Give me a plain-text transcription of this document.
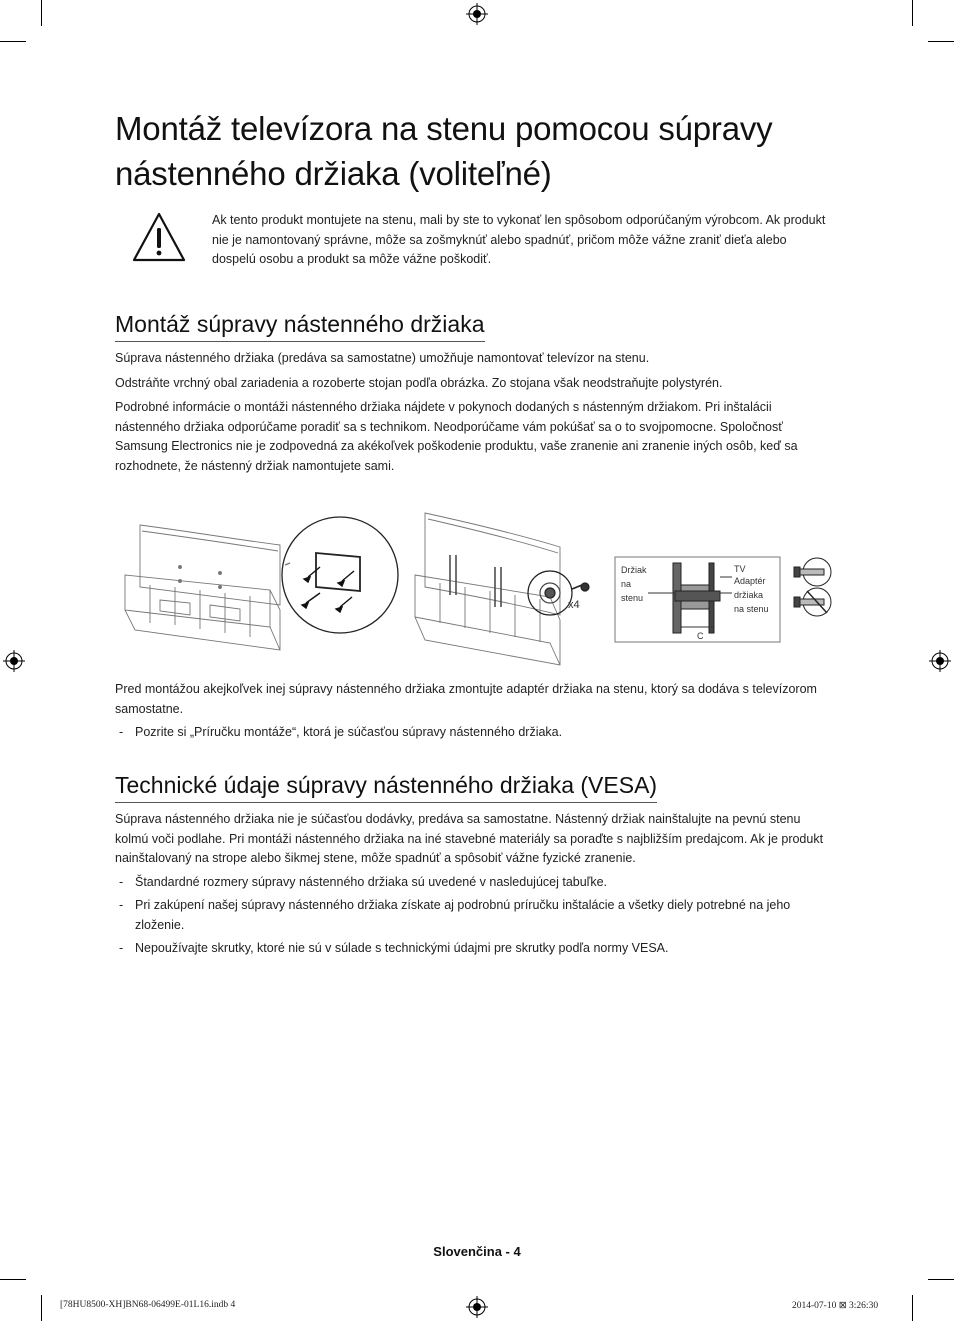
Montáž televízora na stenu pomocou súpravy nástenného držiaka (voliteľné)
Ak tento produkt montujete na stenu, mali by ste to vykonať len spôsobom odporúčaným výrobcom. Ak produkt nie je namontovaný správne, môže sa zošmyknúť alebo spadnúť, pričom môže vážne zraniť dieťa alebo dospelú osobu a produkt sa môže vážne poškodiť.
Montáž súpravy nástenného držiaka

Súprava nástenného držiaka (predáva sa samostatne) umožňuje namontovať televízor na stenu.

Odstráňte vrchný obal zariadenia a rozoberte stojan podľa obrázka. Zo stojana však neodstraňujte polystyrén.

Podrobné informácie o montáži nástenného držiaka nájdete v pokynoch dodaných s nástenným držiakom. Pri inštalácii nástenného držiaka odporúčame poradiť sa s technikom. Neodporúčame vám pokúšať sa o to svojpomocne. Spoločnosť Samsung Electronics nie je zodpovedná za akékoľvek poškodenie produktu, vaše zranenie ani zranenie iných osôb, keď sa rozhodnete, že nástenný držiak namontujete sami.

x4
Držiak na stenu
TV
Adaptér držiaka na stenu
C

Pred montážou akejkoľvek inej súpravy nástenného držiaka zmontujte adaptér držiaka na stenu, ktorý sa dodáva s televízorom samostatne.

- Pozrite si „Príručku montáže“, ktorá je súčasťou súpravy nástenného držiaka.
Technické údaje súpravy nástenného držiaka (VESA)

Súprava nástenného držiaka nie je súčasťou dodávky, predáva sa samostatne. Nástenný držiak nainštalujte na pevnú stenu kolmú voči podlahe. Pri montáži nástenného držiaka na iné stavebné materiály sa poraďte s najbližším predajcom. Ak je produkt nainštalovaný na strope alebo šikmej stene, môže spadnúť a spôsobiť vážne fyzické zranenie.

- Štandardné rozmery súpravy nástenného držiaka sú uvedené v nasledujúcej tabuľke.
- Pri zakúpení našej súpravy nástenného držiaka získate aj podrobnú príručku inštalácie a všetky diely potrebné na jeho zloženie.
- Nepoužívajte skrutky, ktoré nie sú v súlade s technickými údajmi pre skrutky podľa normy VESA.
Slovenčina - 4
[78HU8500-XH]BN68-06499E-01L16.indb 4	2014-07-10 ⊠ 3:26:30
